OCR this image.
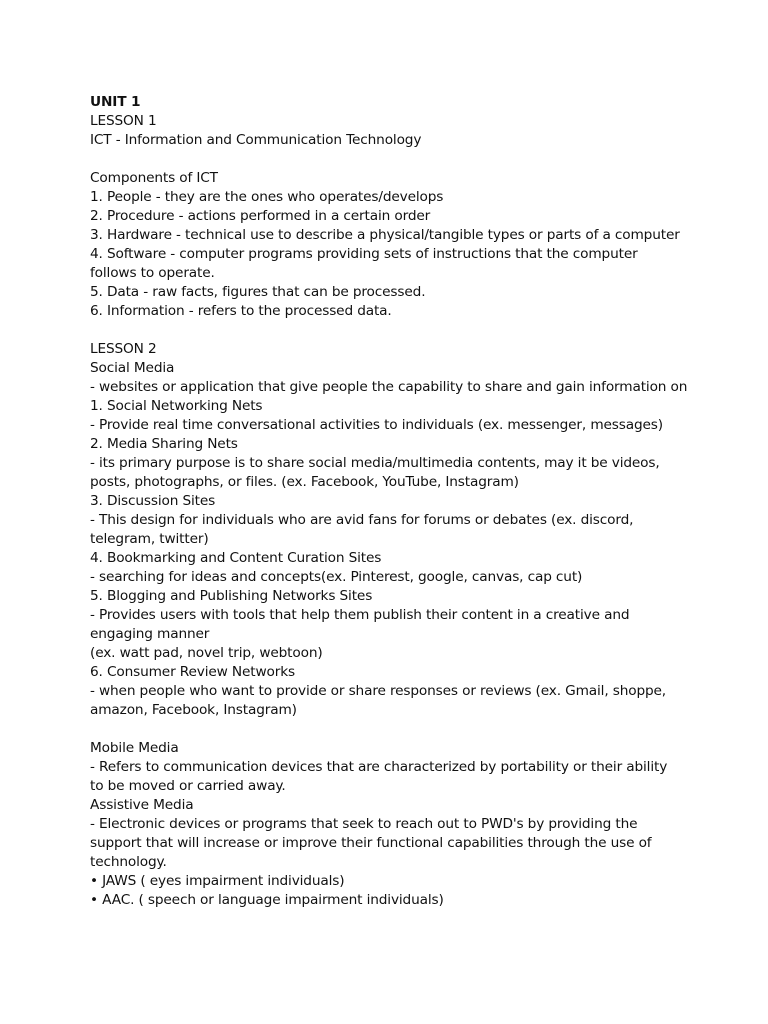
UNIT 1
LESSON 1
ICT - Information and Communication Technology
Components of ICT
1. People - they are the ones who operates/develops
2. Procedure - actions performed in a certain order
3. Hardware - technical use to describe a physical/tangible types or parts of a computer
4. Software - computer programs providing sets of instructions that the computer follows to operate.
5. Data - raw facts, figures that can be processed.
6. Information - refers to the processed data.
LESSON 2
Social Media
- websites or application that give people the capability to share and gain information on
1. Social Networking Nets
- Provide real time conversational activities to individuals (ex. messenger, messages)
2. Media Sharing Nets
- its primary purpose is to share social media/multimedia contents, may it be videos, posts, photographs, or files. (ex. Facebook, YouTube, Instagram)
3. Discussion Sites
- This design for individuals who are avid fans for forums or debates (ex. discord, telegram, twitter)
4. Bookmarking and Content Curation Sites
- searching for ideas and concepts(ex. Pinterest, google, canvas, cap cut)
5. Blogging and Publishing Networks Sites
- Provides users with tools that help them publish their content in a creative and engaging manner
(ex. watt pad, novel trip, webtoon)
6. Consumer Review Networks
- when people who want to provide or share responses or reviews (ex. Gmail, shoppe, amazon, Facebook, Instagram)
Mobile Media
- Refers to communication devices that are characterized by portability or their ability to be moved or carried away.
Assistive Media
- Electronic devices or programs that seek to reach out to PWD's by providing the support that will increase or improve their functional capabilities through the use of technology.
• JAWS ( eyes impairment individuals)
• AAC. ( speech or language impairment individuals)
